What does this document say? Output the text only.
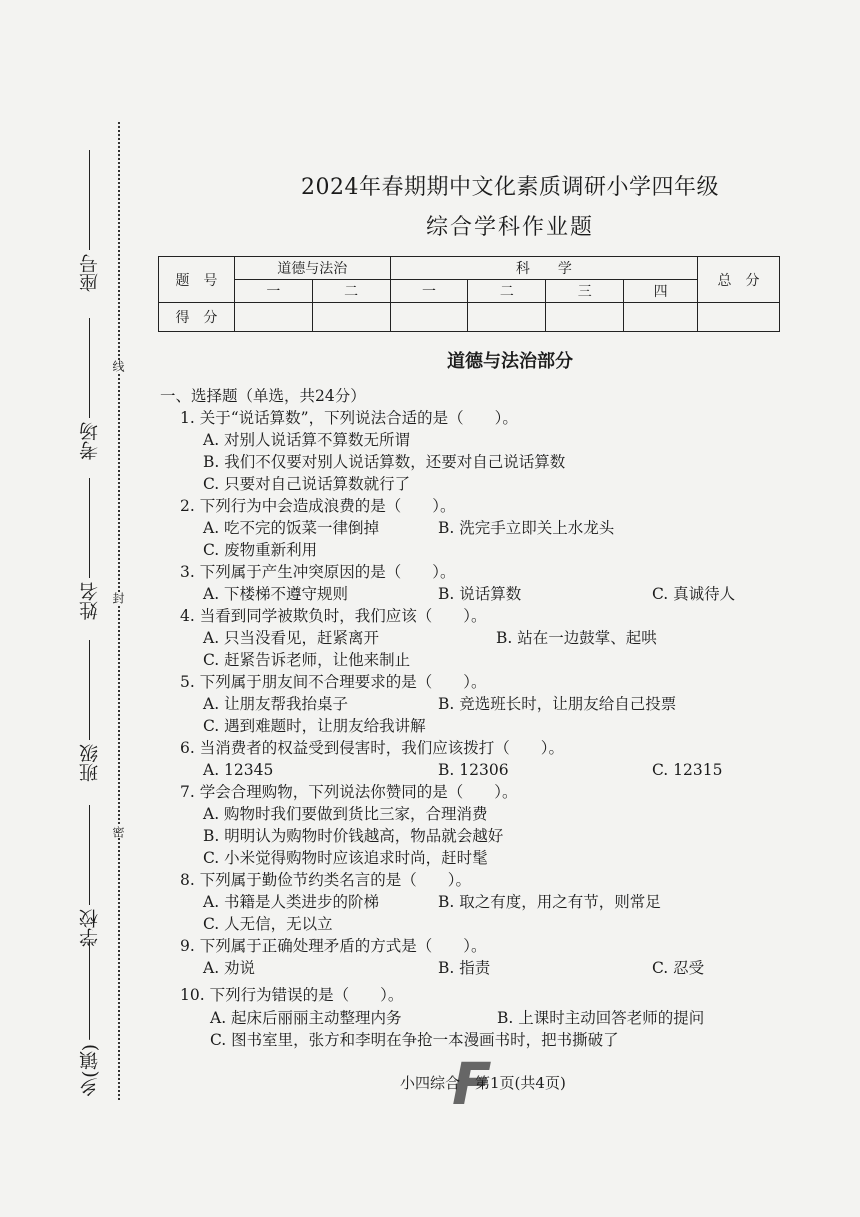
线
封
密
座号
考场
姓名
班级
学校
乡(镇)
2024年春期期中文化素质调研小学四年级
综合学科作业题
题　号	道德与法治		科　　学				总　分
	一	二	一	二	三	四	
得　分							
道德与法治部分
一、选择题（单选，共24分）
1. 关于“说话算数”，下列说法合适的是（　　）。
A. 对别人说话算不算数无所谓
B. 我们不仅要对别人说话算数，还要对自己说话算数
C. 只要对自己说话算数就行了
2. 下列行为中会造成浪费的是（　　）。
A. 吃不完的饭菜一律倒掉	B. 洗完手立即关上水龙头
C. 废物重新利用
3. 下列属于产生冲突原因的是（　　）。
A. 下楼梯不遵守规则	B. 说话算数	C. 真诚待人
4. 当看到同学被欺负时，我们应该（　　）。
A. 只当没看见，赶紧离开	B. 站在一边鼓掌、起哄
C. 赶紧告诉老师，让他来制止
5. 下列属于朋友间不合理要求的是（　　）。
A. 让朋友帮我抬桌子	B. 竞选班长时，让朋友给自己投票
C. 遇到难题时，让朋友给我讲解
6. 当消费者的权益受到侵害时，我们应该拨打（　　）。
A. 12345	B. 12306	C. 12315
7. 学会合理购物，下列说法你赞同的是（　　）。
A. 购物时我们要做到货比三家，合理消费
B. 明明认为购物时价钱越高，物品就会越好
C. 小米觉得购物时应该追求时尚，赶时髦
8. 下列属于勤俭节约类名言的是（　　）。
A. 书籍是人类进步的阶梯	B. 取之有度，用之有节，则常足
C. 人无信，无以立
9. 下列属于正确处理矛盾的方式是（　　）。
A. 劝说	B. 指责	C. 忍受
10. 下列行为错误的是（　　）。
A. 起床后丽丽主动整理内务	B. 上课时主动回答老师的提问
C. 图书室里，张方和李明在争抢一本漫画书时，把书撕破了
F
小四综合　第1页(共4页)
